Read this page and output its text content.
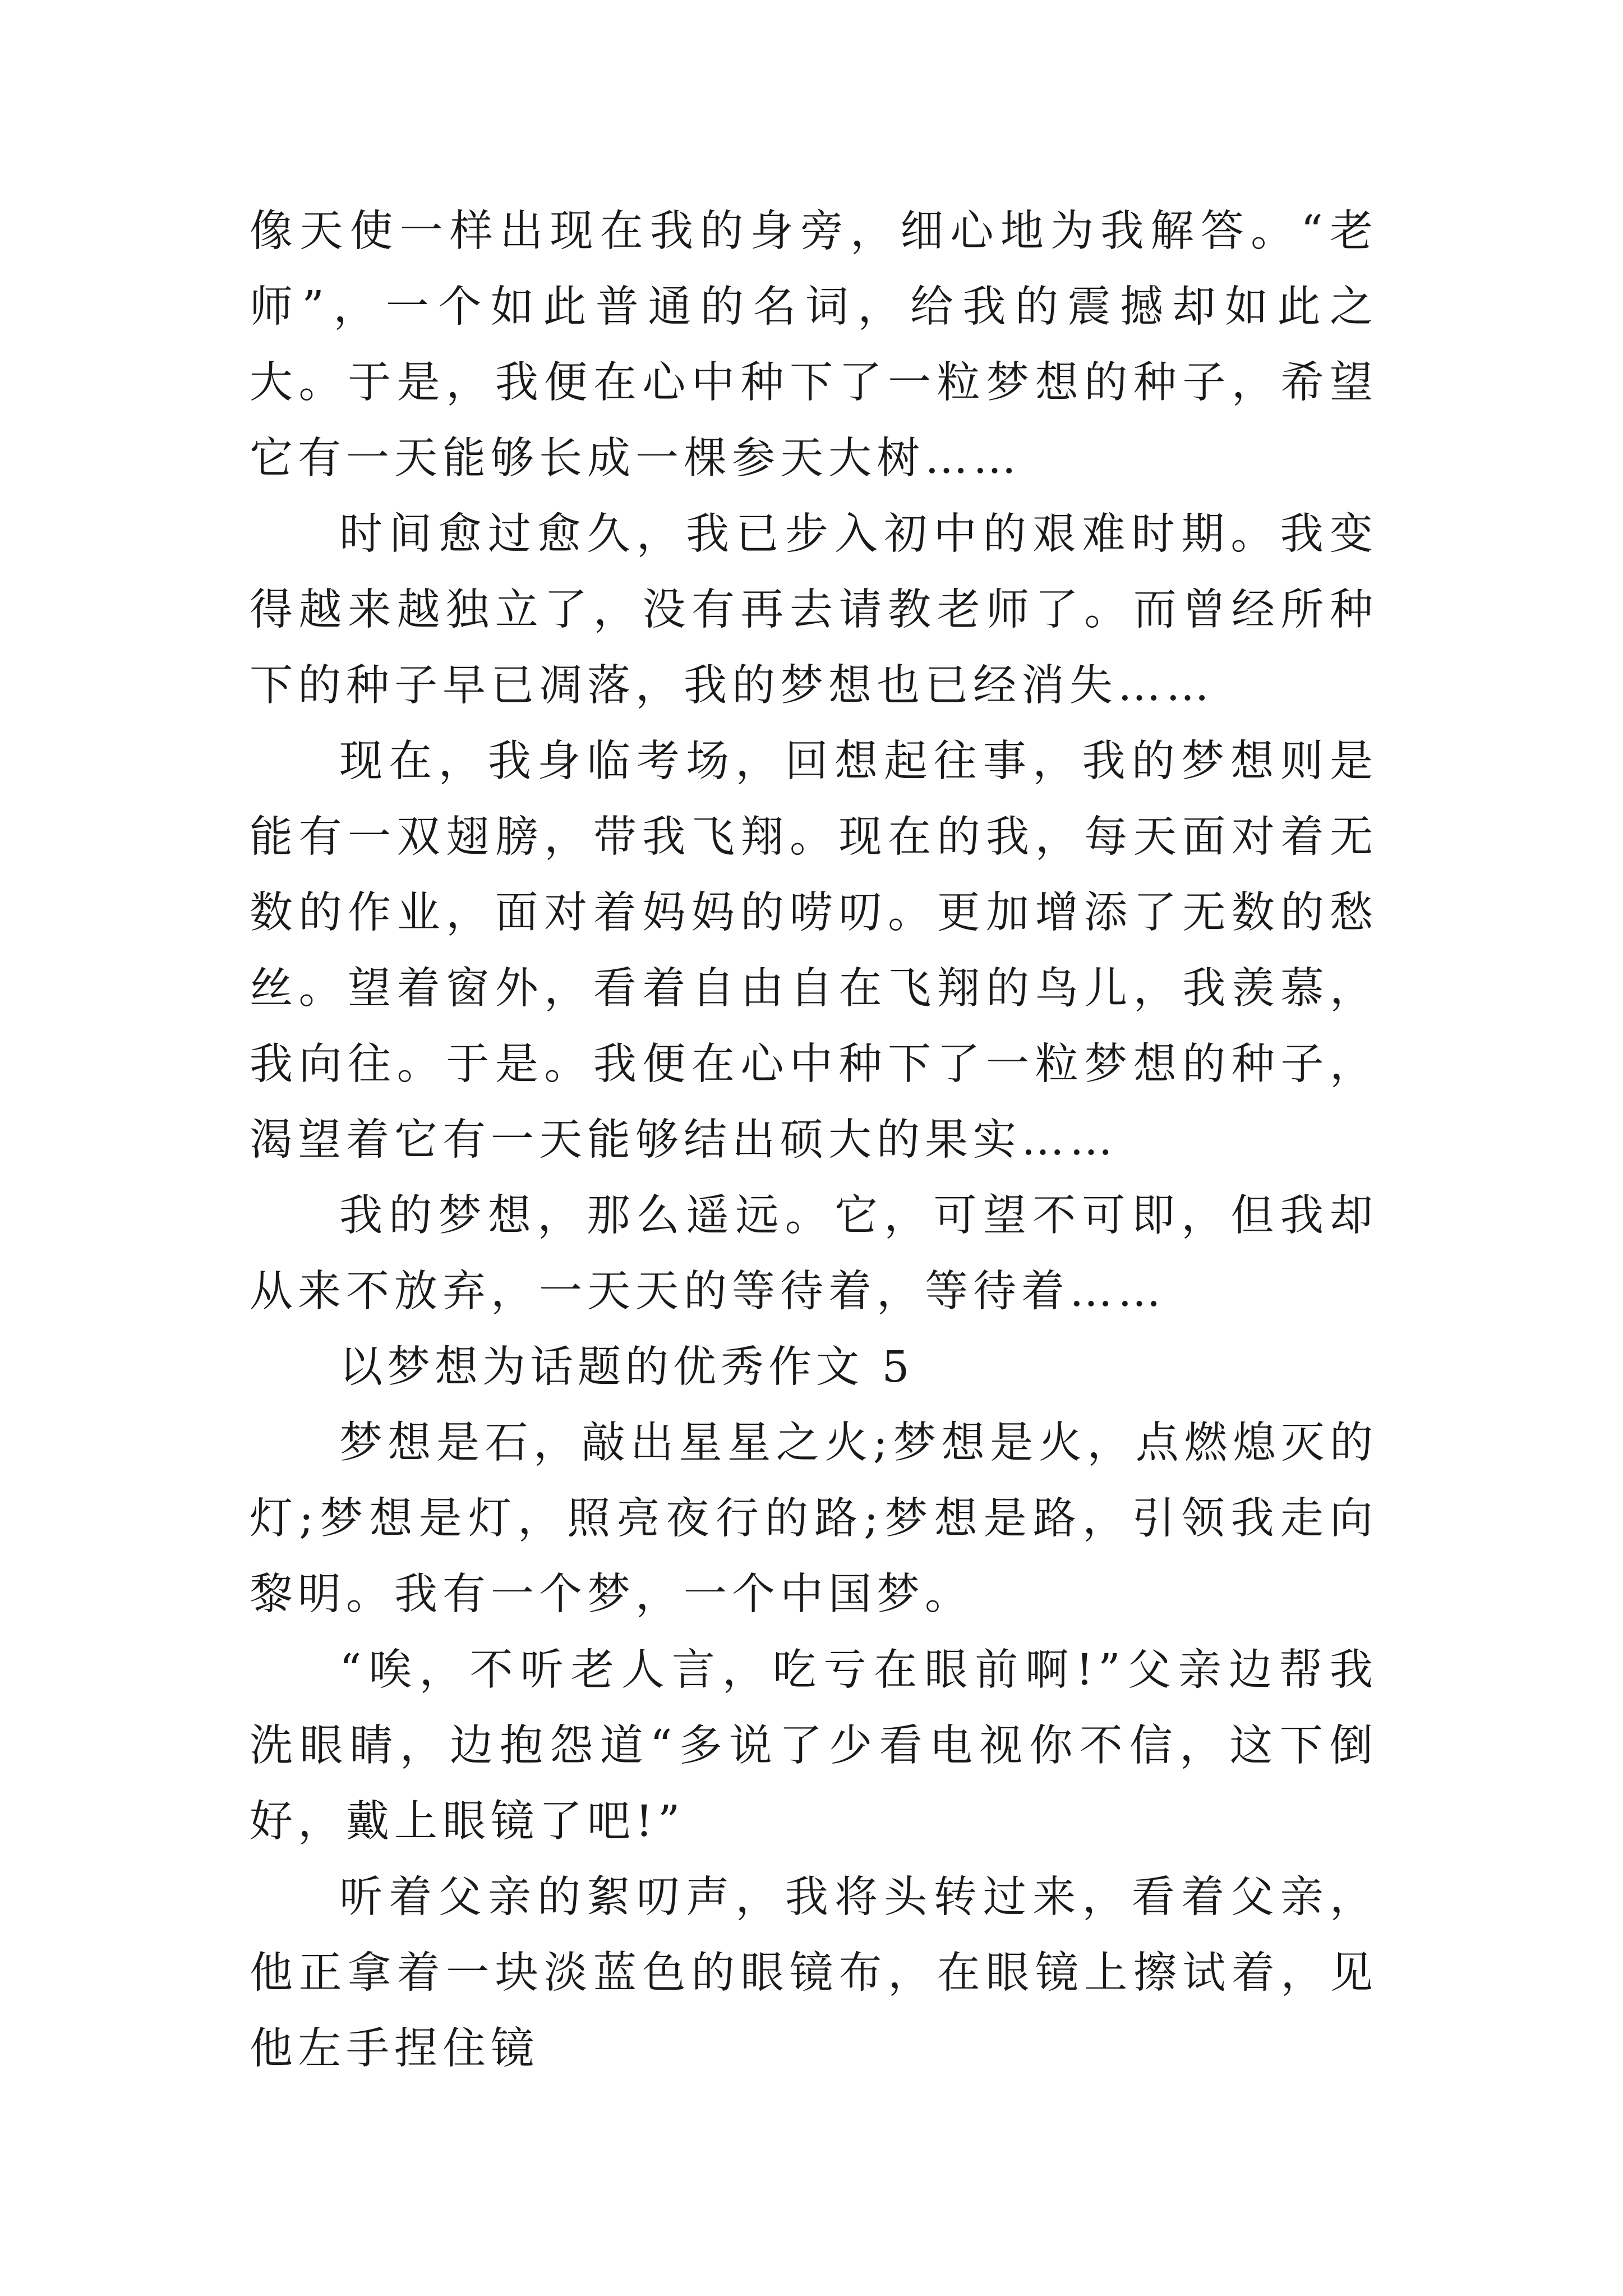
像天使一样出现在我的身旁，细心地为我解答。“老师”，一个如此普通的名词，给我的震撼却如此之大。于是，我便在心中种下了一粒梦想的种子，希望它有一天能够长成一棵参天大树……

时间愈过愈久，我已步入初中的艰难时期。我变得越来越独立了，没有再去请教老师了。而曾经所种下的种子早已凋落，我的梦想也已经消失……

现在，我身临考场，回想起往事，我的梦想则是能有一双翅膀，带我飞翔。现在的我，每天面对着无数的作业，面对着妈妈的唠叨。更加增添了无数的愁丝。望着窗外，看着自由自在飞翔的鸟儿，我羡慕，我向往。于是。我便在心中种下了一粒梦想的种子，渴望着它有一天能够结出硕大的果实……

我的梦想，那么遥远。它，可望不可即，但我却从来不放弃，一天天的等待着，等待着……

以梦想为话题的优秀作文 5

梦想是石，敲出星星之火;梦想是火，点燃熄灭的灯;梦想是灯，照亮夜行的路;梦想是路，引领我走向黎明。我有一个梦，一个中国梦。

“唉，不听老人言，吃亏在眼前啊!”父亲边帮我洗眼睛，边抱怨道“多说了少看电视你不信，这下倒好，戴上眼镜了吧!”

听着父亲的絮叨声，我将头转过来，看着父亲，他正拿着一块淡蓝色的眼镜布，在眼镜上擦试着，见他左手捏住镜
